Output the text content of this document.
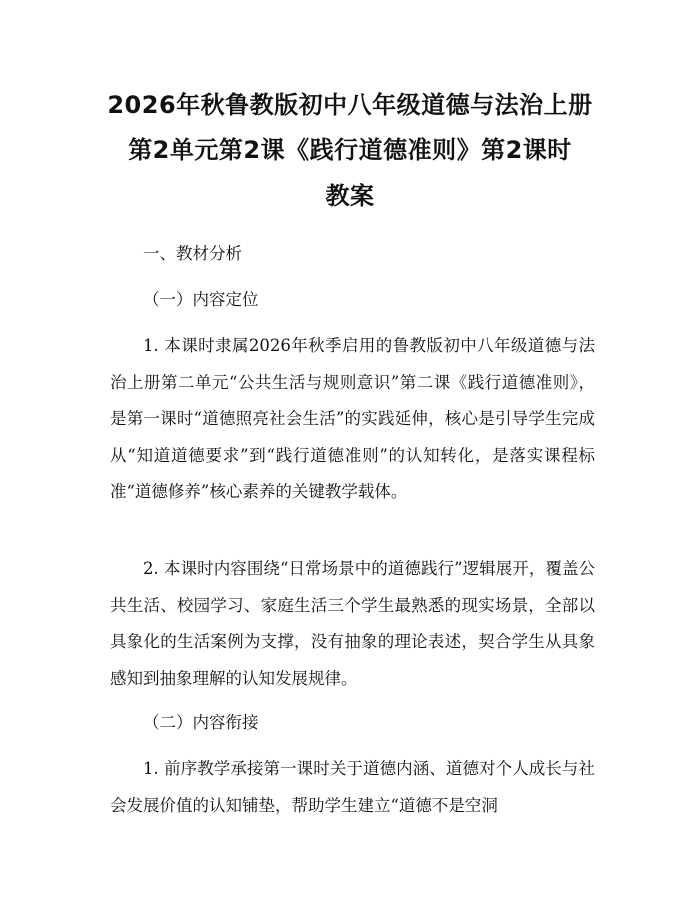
2026年秋鲁教版初中八年级道德与法治上册
第2单元第2课《践行道德准则》第2课时
教案
一、教材分析
（一）内容定位

1. 本课时隶属2026年秋季启用的鲁教版初中八年级道德与法治上册第二单元“公共生活与规则意识”第二课《践行道德准则》，是第一课时“道德照亮社会生活”的实践延伸，核心是引导学生完成从“知道道德要求”到“践行道德准则”的认知转化，是落实课程标准“道德修养”核心素养的关键教学载体。

2. 本课时内容围绕“日常场景中的道德践行”逻辑展开，覆盖公共生活、校园学习、家庭生活三个学生最熟悉的现实场景，全部以具象化的生活案例为支撑，没有抽象的理论表述，契合学生从具象感知到抽象理解的认知发展规律。

（二）内容衔接

1. 前序教学承接第一课时关于道德内涵、道德对个人成长与社会发展价值的认知铺垫，帮助学生建立“道德不是空洞
